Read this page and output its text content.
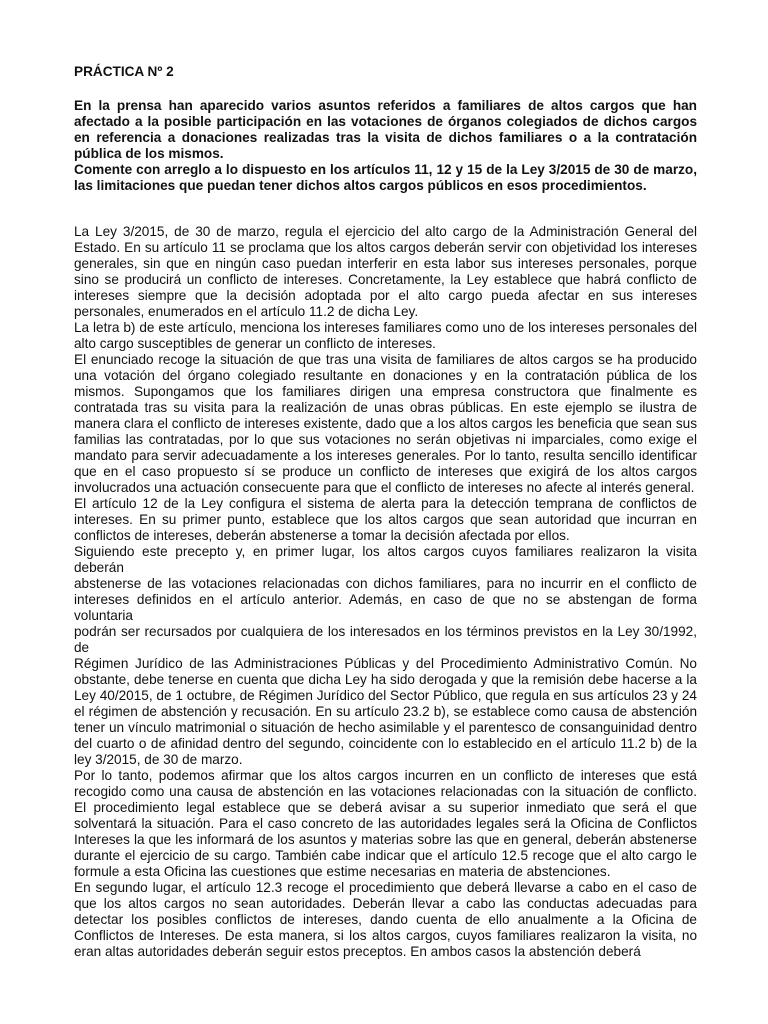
PRÁCTICA Nº 2

En la prensa han aparecido varios asuntos referidos a familiares de altos cargos que han afectado a la posible participación en las votaciones de órganos colegiados de dichos cargos en referencia a donaciones realizadas tras la visita de dichos familiares o a la contratación pública de los mismos.

Comente con arreglo a lo dispuesto en los artículos 11, 12 y 15 de la Ley 3/2015 de 30 de marzo, las limitaciones que puedan tener dichos altos cargos públicos en esos procedimientos.

La Ley 3/2015, de 30 de marzo, regula el ejercicio del alto cargo de la Administración General del Estado. En su artículo 11 se proclama que los altos cargos deberán servir con objetividad los intereses generales, sin que en ningún caso puedan interferir en esta labor sus intereses personales, porque sino se producirá un conflicto de intereses. Concretamente, la Ley establece que habrá conflicto de intereses siempre que la decisión adoptada por el alto cargo pueda afectar en sus intereses personales, enumerados en el artículo 11.2 de dicha Ley.

La letra b) de este artículo, menciona los intereses familiares como uno de los intereses personales del alto cargo susceptibles de generar un conflicto de intereses.

El enunciado recoge la situación de que tras una visita de familiares de altos cargos se ha producido una votación del órgano colegiado resultante en donaciones y en la contratación pública de los mismos. Supongamos que los familiares dirigen una empresa constructora que finalmente es contratada tras su visita para la realización de unas obras públicas. En este ejemplo se ilustra de manera clara el conflicto de intereses existente, dado que a los altos cargos les beneficia que sean sus familias las contratadas, por lo que sus votaciones no serán objetivas ni imparciales, como exige el mandato para servir adecuadamente a los intereses generales. Por lo tanto, resulta sencillo identificar que en el caso propuesto sí se produce un conflicto de intereses que exigirá de los altos cargos involucrados una actuación consecuente para que el conflicto de intereses no afecte al interés general.

El artículo 12 de la Ley configura el sistema de alerta para la detección temprana de conflictos de intereses. En su primer punto, establece que los altos cargos que sean autoridad que incurran en conflictos de intereses, deberán abstenerse a tomar la decisión afectada por ellos.

Siguiendo este precepto y, en primer lugar, los altos cargos cuyos familiares realizaron la visita deberán

abstenerse de las votaciones relacionadas con dichos familiares, para no incurrir en el conflicto de intereses definidos en el artículo anterior. Además, en caso de que no se abstengan de forma voluntaria

podrán ser recursados por cualquiera de los interesados en los términos previstos en la Ley 30/1992, de

Régimen Jurídico de las Administraciones Públicas y del Procedimiento Administrativo Común. No obstante, debe tenerse en cuenta que dicha Ley ha sido derogada y que la remisión debe hacerse a la Ley 40/2015, de 1 octubre, de Régimen Jurídico del Sector Público, que regula en sus artículos 23 y 24 el régimen de abstención y recusación. En su artículo 23.2 b), se establece como causa de abstención tener un vínculo matrimonial o situación de hecho asimilable y el parentesco de consanguinidad dentro del cuarto o de afinidad dentro del segundo, coincidente con lo establecido en el artículo 11.2 b) de la ley 3/2015, de 30 de marzo.

Por lo tanto, podemos afirmar que los altos cargos incurren en un conflicto de intereses que está recogido como una causa de abstención en las votaciones relacionadas con la situación de conflicto. El procedimiento legal establece que se deberá avisar a su superior inmediato que será el que solventará la situación. Para el caso concreto de las autoridades legales será la Oficina de Conflictos Intereses la que les informará de los asuntos y materias sobre las que en general, deberán abstenerse durante el ejercicio de su cargo. También cabe indicar que el artículo 12.5 recoge que el alto cargo le formule a esta Oficina las cuestiones que estime necesarias en materia de abstenciones.

En segundo lugar, el artículo 12.3 recoge el procedimiento que deberá llevarse a cabo en el caso de que los altos cargos no sean autoridades. Deberán llevar a cabo las conductas adecuadas para detectar los posibles conflictos de intereses, dando cuenta de ello anualmente a la Oficina de Conflictos de Intereses. De esta manera, si los altos cargos, cuyos familiares realizaron la visita, no eran altas autoridades deberán seguir estos preceptos. En ambos casos la abstención deberá
